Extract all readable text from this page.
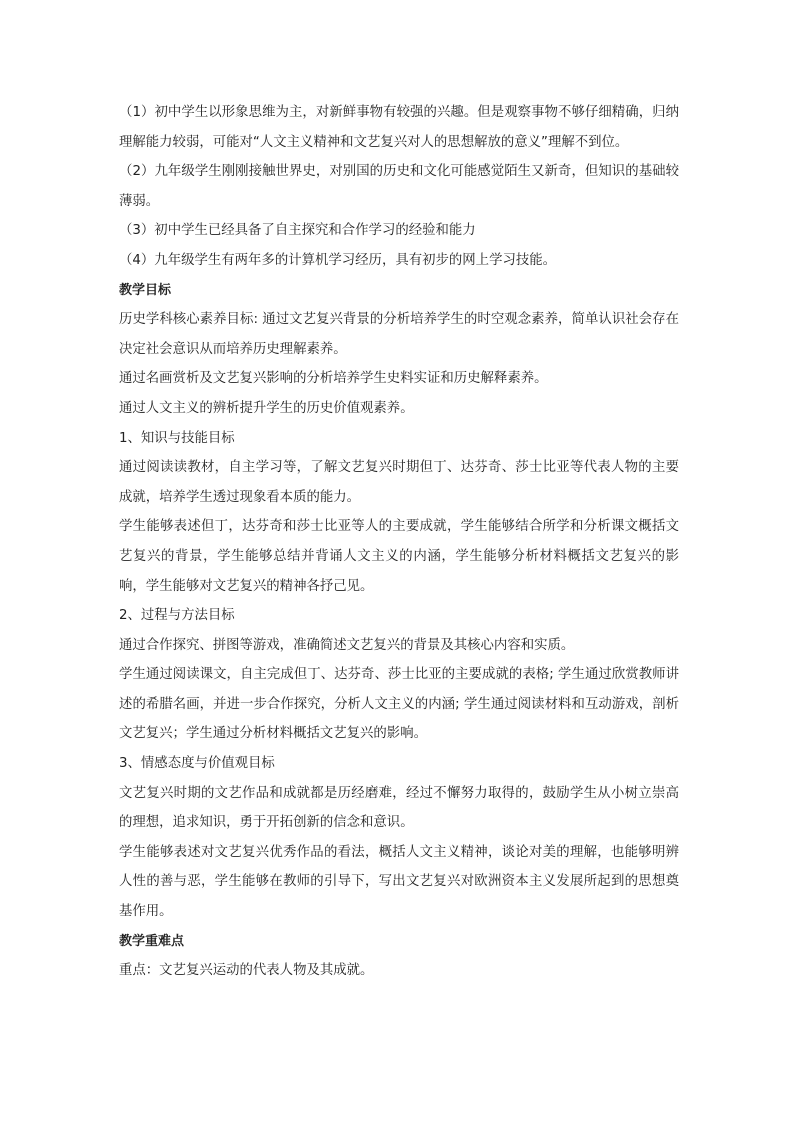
（1）初中学生以形象思维为主，对新鲜事物有较强的兴趣。但是观察事物不够仔细精确，归纳理解能力较弱，可能对“人文主义精神和文艺复兴对人的思想解放的意义”理解不到位。

（2）九年级学生刚刚接触世界史，对别国的历史和文化可能感觉陌生又新奇，但知识的基础较薄弱。

（3）初中学生已经具备了自主探究和合作学习的经验和能力

（4）九年级学生有两年多的计算机学习经历，具有初步的网上学习技能。

教学目标

历史学科核心素养目标: 通过文艺复兴背景的分析培养学生的时空观念素养，简单认识社会存在决定社会意识从而培养历史理解素养。

通过名画赏析及文艺复兴影响的分析培养学生史料实证和历史解释素养。

通过人文主义的辨析提升学生的历史价值观素养。

1、知识与技能目标

通过阅读读教材，自主学习等，了解文艺复兴时期但丁、达芬奇、莎士比亚等代表人物的主要成就，培养学生透过现象看本质的能力。

学生能够表述但丁，达芬奇和莎士比亚等人的主要成就，学生能够结合所学和分析课文概括文艺复兴的背景，学生能够总结并背诵人文主义的内涵，学生能够分析材料概括文艺复兴的影响，学生能够对文艺复兴的精神各抒己见。

2、过程与方法目标

通过合作探究、拼图等游戏，准确简述文艺复兴的背景及其核心内容和实质。

学生通过阅读课文，自主完成但丁、达芬奇、莎士比亚的主要成就的表格; 学生通过欣赏教师讲述的希腊名画，并进一步合作探究，分析人文主义的内涵; 学生通过阅读材料和互动游戏，剖析文艺复兴；学生通过分析材料概括文艺复兴的影响。

3、情感态度与价值观目标

文艺复兴时期的文艺作品和成就都是历经磨难，经过不懈努力取得的，鼓励学生从小树立崇高的理想，追求知识，勇于开拓创新的信念和意识。

学生能够表述对文艺复兴优秀作品的看法，概括人文主义精神，谈论对美的理解，也能够明辨人性的善与恶，学生能够在教师的引导下，写出文艺复兴对欧洲资本主义发展所起到的思想奠基作用。

教学重难点

重点：文艺复兴运动的代表人物及其成就。
